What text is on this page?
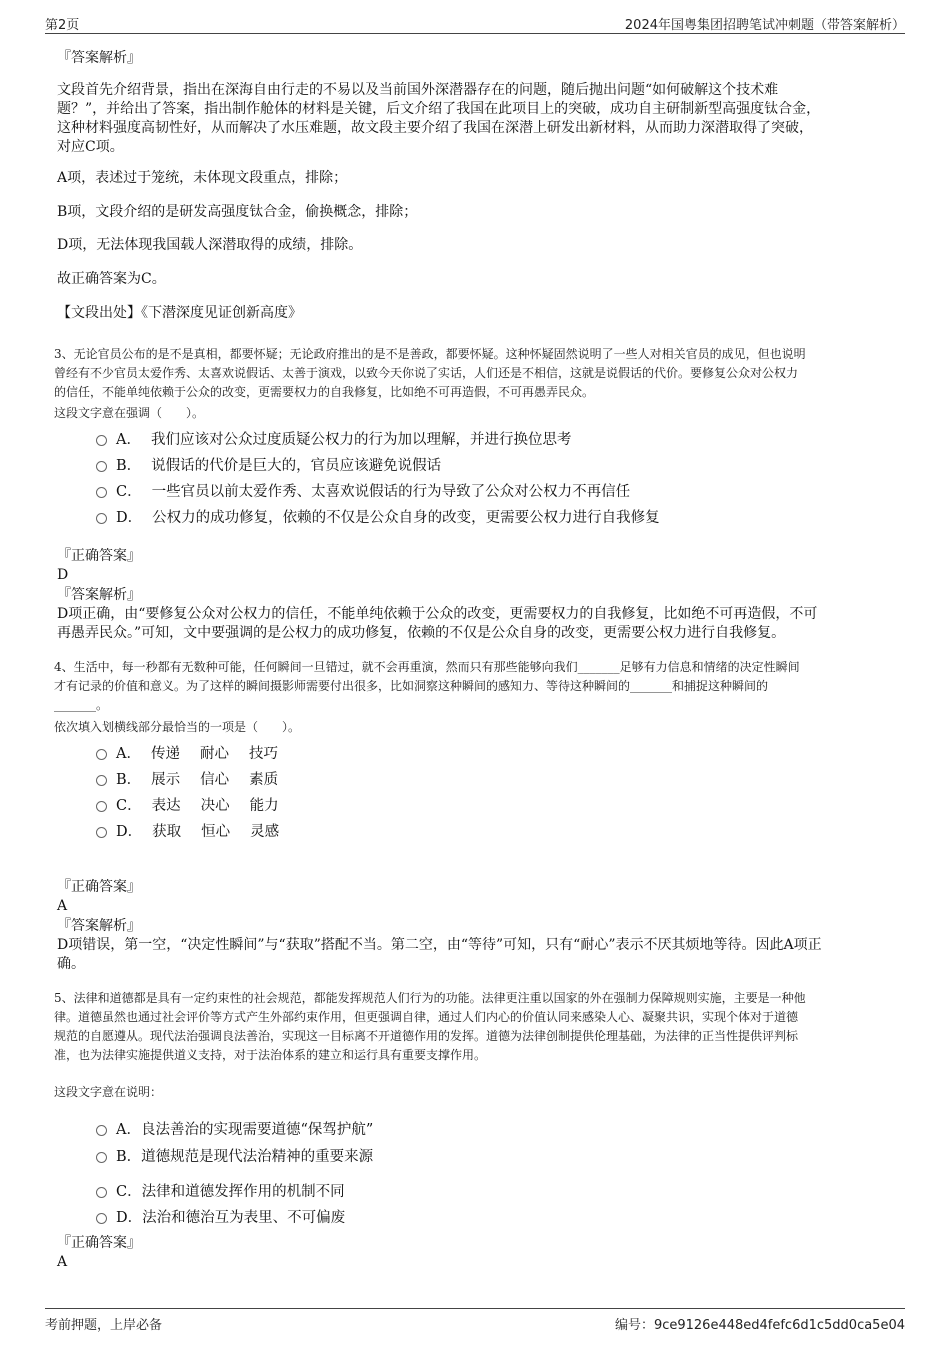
第2页	2024年国粤集团招聘笔试冲刺题（带答案解析）
『答案解析』
文段首先介绍背景，指出在深海自由行走的不易以及当前国外深潜器存在的问题，随后抛出问题“如何破解这个技术难
题？”，并给出了答案，指出制作舱体的材料是关键，后文介绍了我国在此项目上的突破，成功自主研制新型高强度钛合金，
这种材料强度高韧性好，从而解决了水压难题，故文段主要介绍了我国在深潜上研发出新材料，从而助力深潜取得了突破，
对应C项。
A项，表述过于笼统，未体现文段重点，排除；
B项，文段介绍的是研发高强度钛合金，偷换概念，排除；
D项，无法体现我国载人深潜取得的成绩，排除。
故正确答案为C。
【文段出处】《下潜深度见证创新高度》
3、无论官员公布的是不是真相，都要怀疑；无论政府推出的是不是善政，都要怀疑。这种怀疑固然说明了一些人对相关官员的成见，但也说明
曾经有不少官员太爱作秀、太喜欢说假话、太善于演戏，以致今天你说了实话，人们还是不相信，这就是说假话的代价。要修复公众对公权力
的信任，不能单纯依赖于公众的改变，更需要权力的自我修复，比如绝不可再造假，不可再愚弄民众。
这段文字意在强调（　　）。
A． 我们应该对公众过度质疑公权力的行为加以理解，并进行换位思考
B． 说假话的代价是巨大的，官员应该避免说假话
C． 一些官员以前太爱作秀、太喜欢说假话的行为导致了公众对公权力不再信任
D． 公权力的成功修复，依赖的不仅是公众自身的改变，更需要公权力进行自我修复
『正确答案』
D
『答案解析』
D项正确，由“要修复公众对公权力的信任，不能单纯依赖于公众的改变，更需要权力的自我修复，比如绝不可再造假，不可
再愚弄民众。”可知，文中要强调的是公权力的成功修复，依赖的不仅是公众自身的改变，更需要公权力进行自我修复。
4、生活中，每一秒都有无数种可能，任何瞬间一旦错过，就不会再重演，然而只有那些能够向我们_______足够有力信息和情绪的决定性瞬间
才有记录的价值和意义。为了这样的瞬间摄影师需要付出很多，比如洞察这种瞬间的感知力、等待这种瞬间的_______和捕捉这种瞬间的
_______。
依次填入划横线部分最恰当的一项是（　　）。
A． 传递 耐心 技巧
B． 展示 信心 素质
C． 表达 决心 能力
D． 获取 恒心 灵感
『正确答案』
A
『答案解析』
D项错误，第一空，“决定性瞬间”与“获取”搭配不当。第二空，由“等待”可知，只有“耐心”表示不厌其烦地等待。因此A项正
确。
5、法律和道德都是具有一定约束性的社会规范，都能发挥规范人们行为的功能。法律更注重以国家的外在强制力保障规则实施，主要是一种他
律。道德虽然也通过社会评价等方式产生外部约束作用，但更强调自律，通过人们内心的价值认同来感染人心、凝聚共识，实现个体对于道德
规范的自愿遵从。现代法治强调良法善治，实现这一目标离不开道德作用的发挥。道德为法律创制提供伦理基础，为法律的正当性提供评判标
准，也为法律实施提供道义支持，对于法治体系的建立和运行具有重要支撑作用。
这段文字意在说明：
A． 良法善治的实现需要道德“保驾护航”
B． 道德规范是现代法治精神的重要来源
C． 法律和道德发挥作用的机制不同
D． 法治和德治互为表里、不可偏废
『正确答案』
A
考前押题，上岸必备	编号：9ce9126e448ed4fefc6d1c5dd0ca5e04
